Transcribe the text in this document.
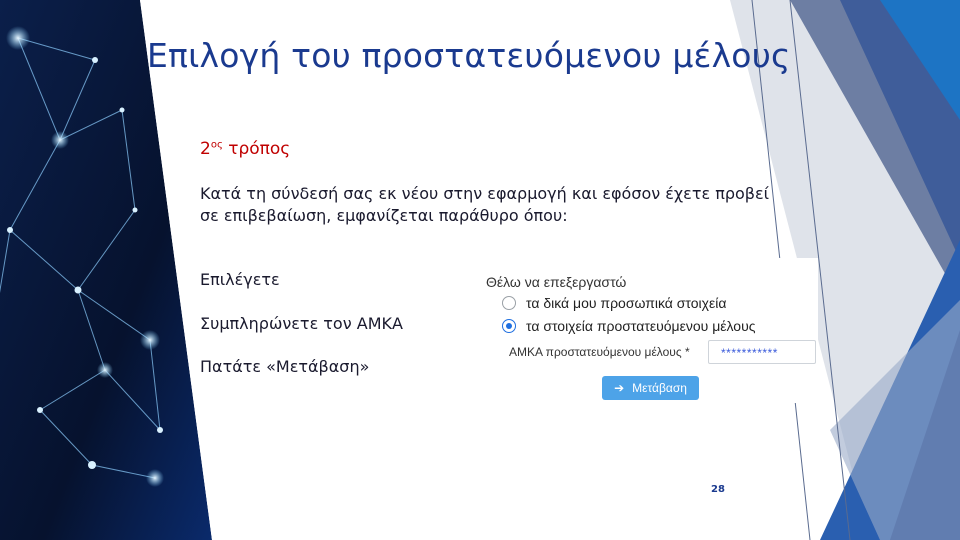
Επιλογή του προστατευόμενου μέλους
$2^{o\varsigma}$ τρόπος
Κατά τη σύνδεσή σας εκ νέου στην εφαρμογή και εφόσον έχετε προβεί σε επιβεβαίωση, εμφανίζεται παράθυρο όπου:
Επιλέγετε
Συμπληρώνετε τον ΑΜΚΑ
Πατάτε «Μετάβαση»
Θέλω να επεξεργαστώ
τα δικά μου προσωπικά στοιχεία
τα στοιχεία προστατευόμενου μέλους
ΑΜΚΑ προστατευόμενου μέλους *	***********
➔ Μετάβαση
28
